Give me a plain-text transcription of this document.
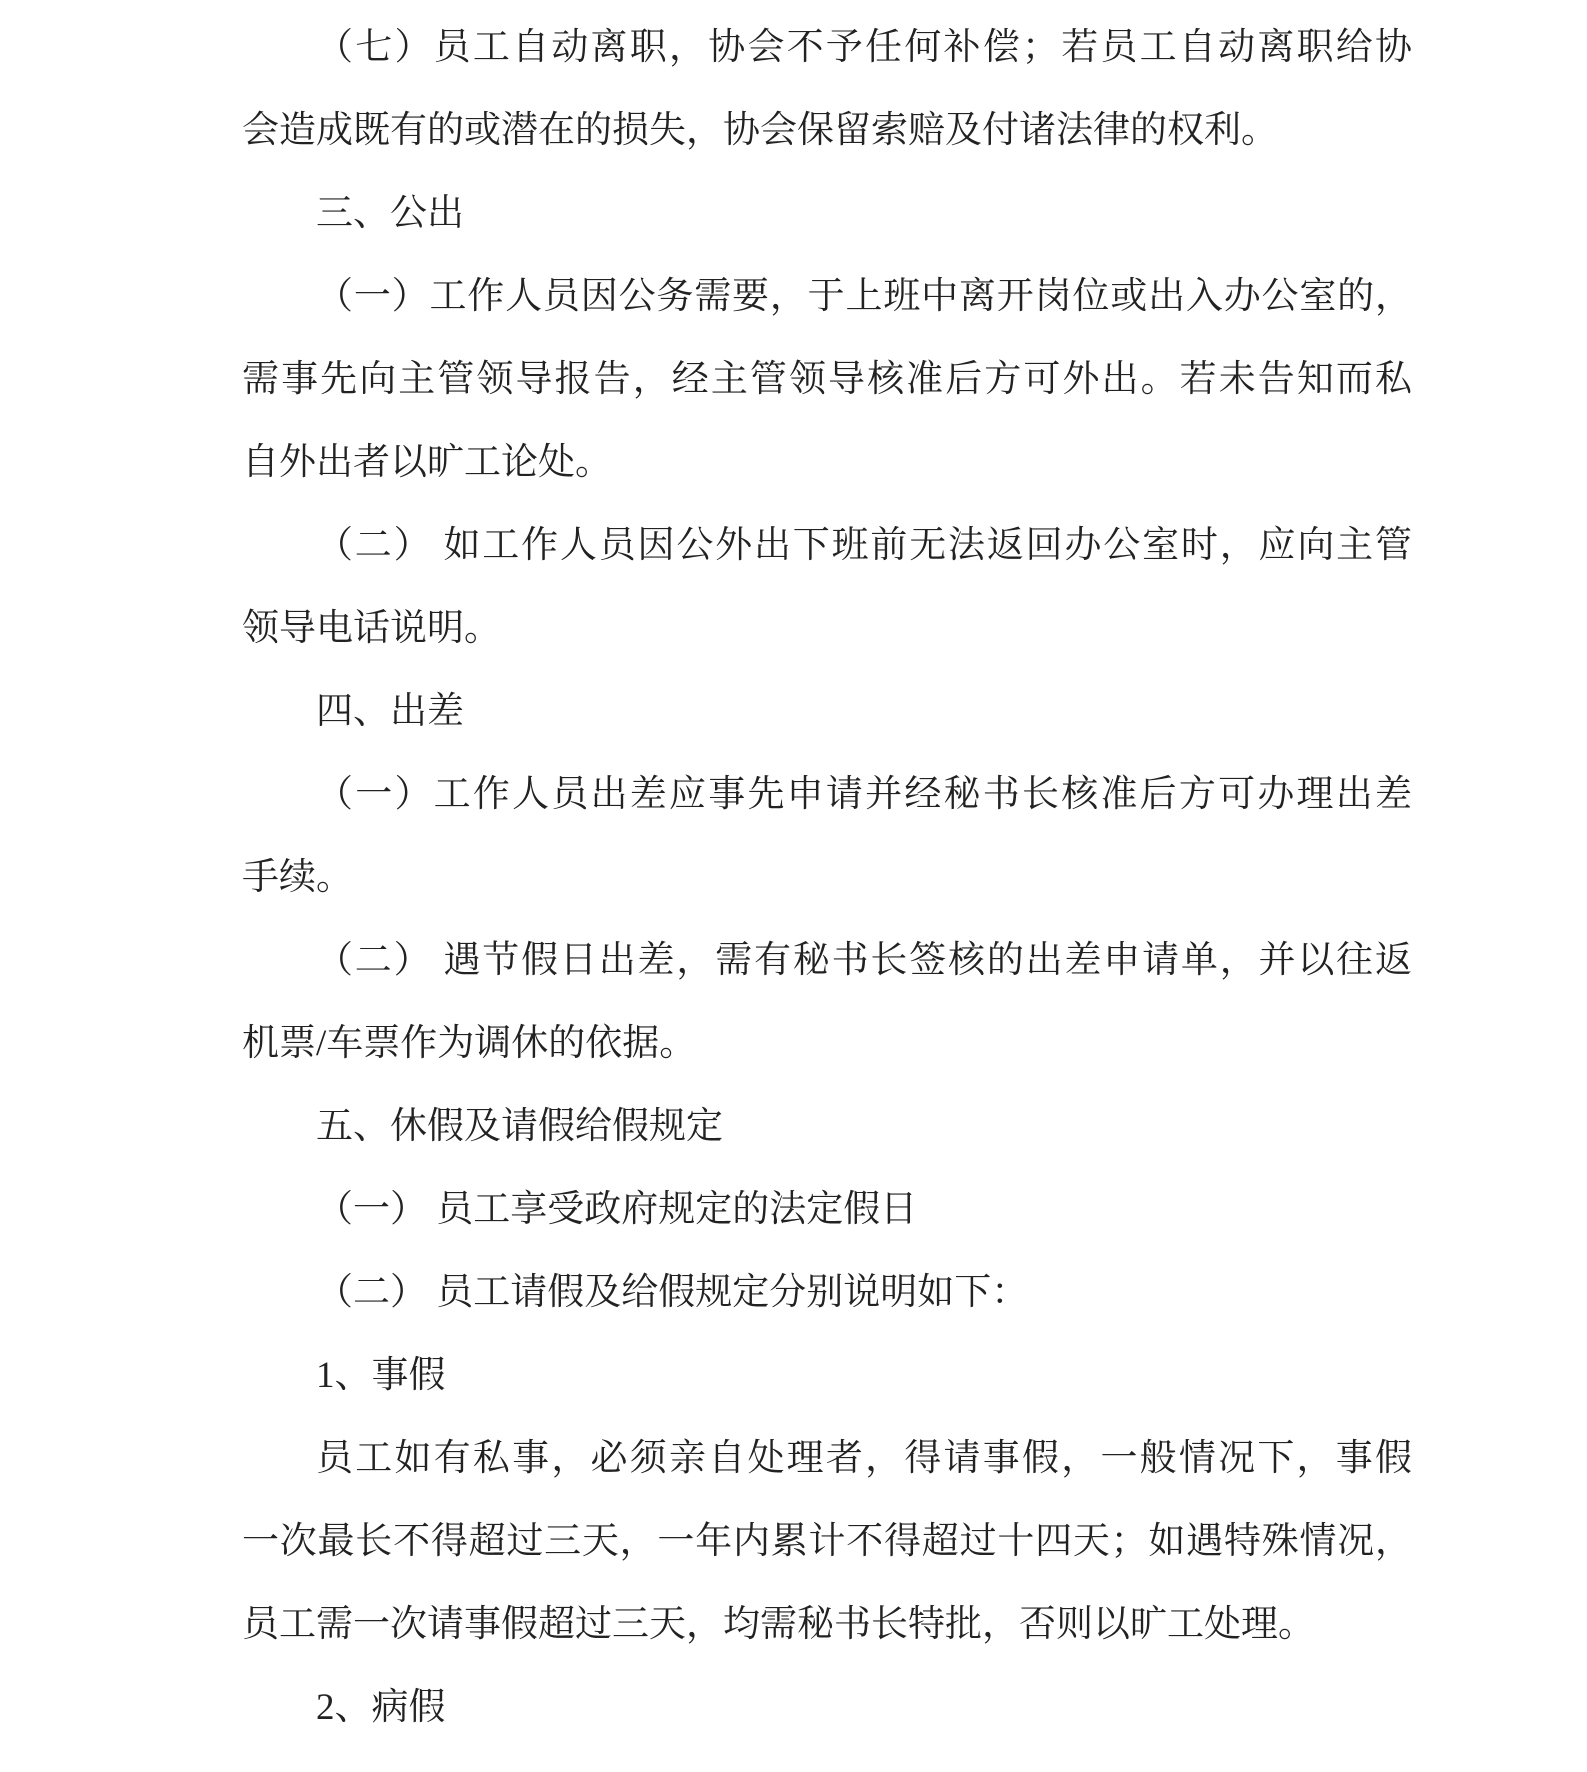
（七）员工自动离职，协会不予任何补偿；若员工自动离职给协
会造成既有的或潜在的损失，协会保留索赔及付诸法律的权利。
三、公出
（一）工作人员因公务需要，于上班中离开岗位或出入办公室的，
需事先向主管领导报告，经主管领导核准后方可外出。若未告知而私
自外出者以旷工论处。
（二） 如工作人员因公外出下班前无法返回办公室时，应向主管
领导电话说明。
四、出差
（一）工作人员出差应事先申请并经秘书长核准后方可办理出差
手续。
（二） 遇节假日出差，需有秘书长签核的出差申请单，并以往返
机票/车票作为调休的依据。
五、休假及请假给假规定
（一） 员工享受政府规定的法定假日
（二） 员工请假及给假规定分别说明如下：
1、事假
员工如有私事，必须亲自处理者，得请事假，一般情况下，事假
一次最长不得超过三天，一年内累计不得超过十四天；如遇特殊情况，
员工需一次请事假超过三天，均需秘书长特批，否则以旷工处理。
2、病假
